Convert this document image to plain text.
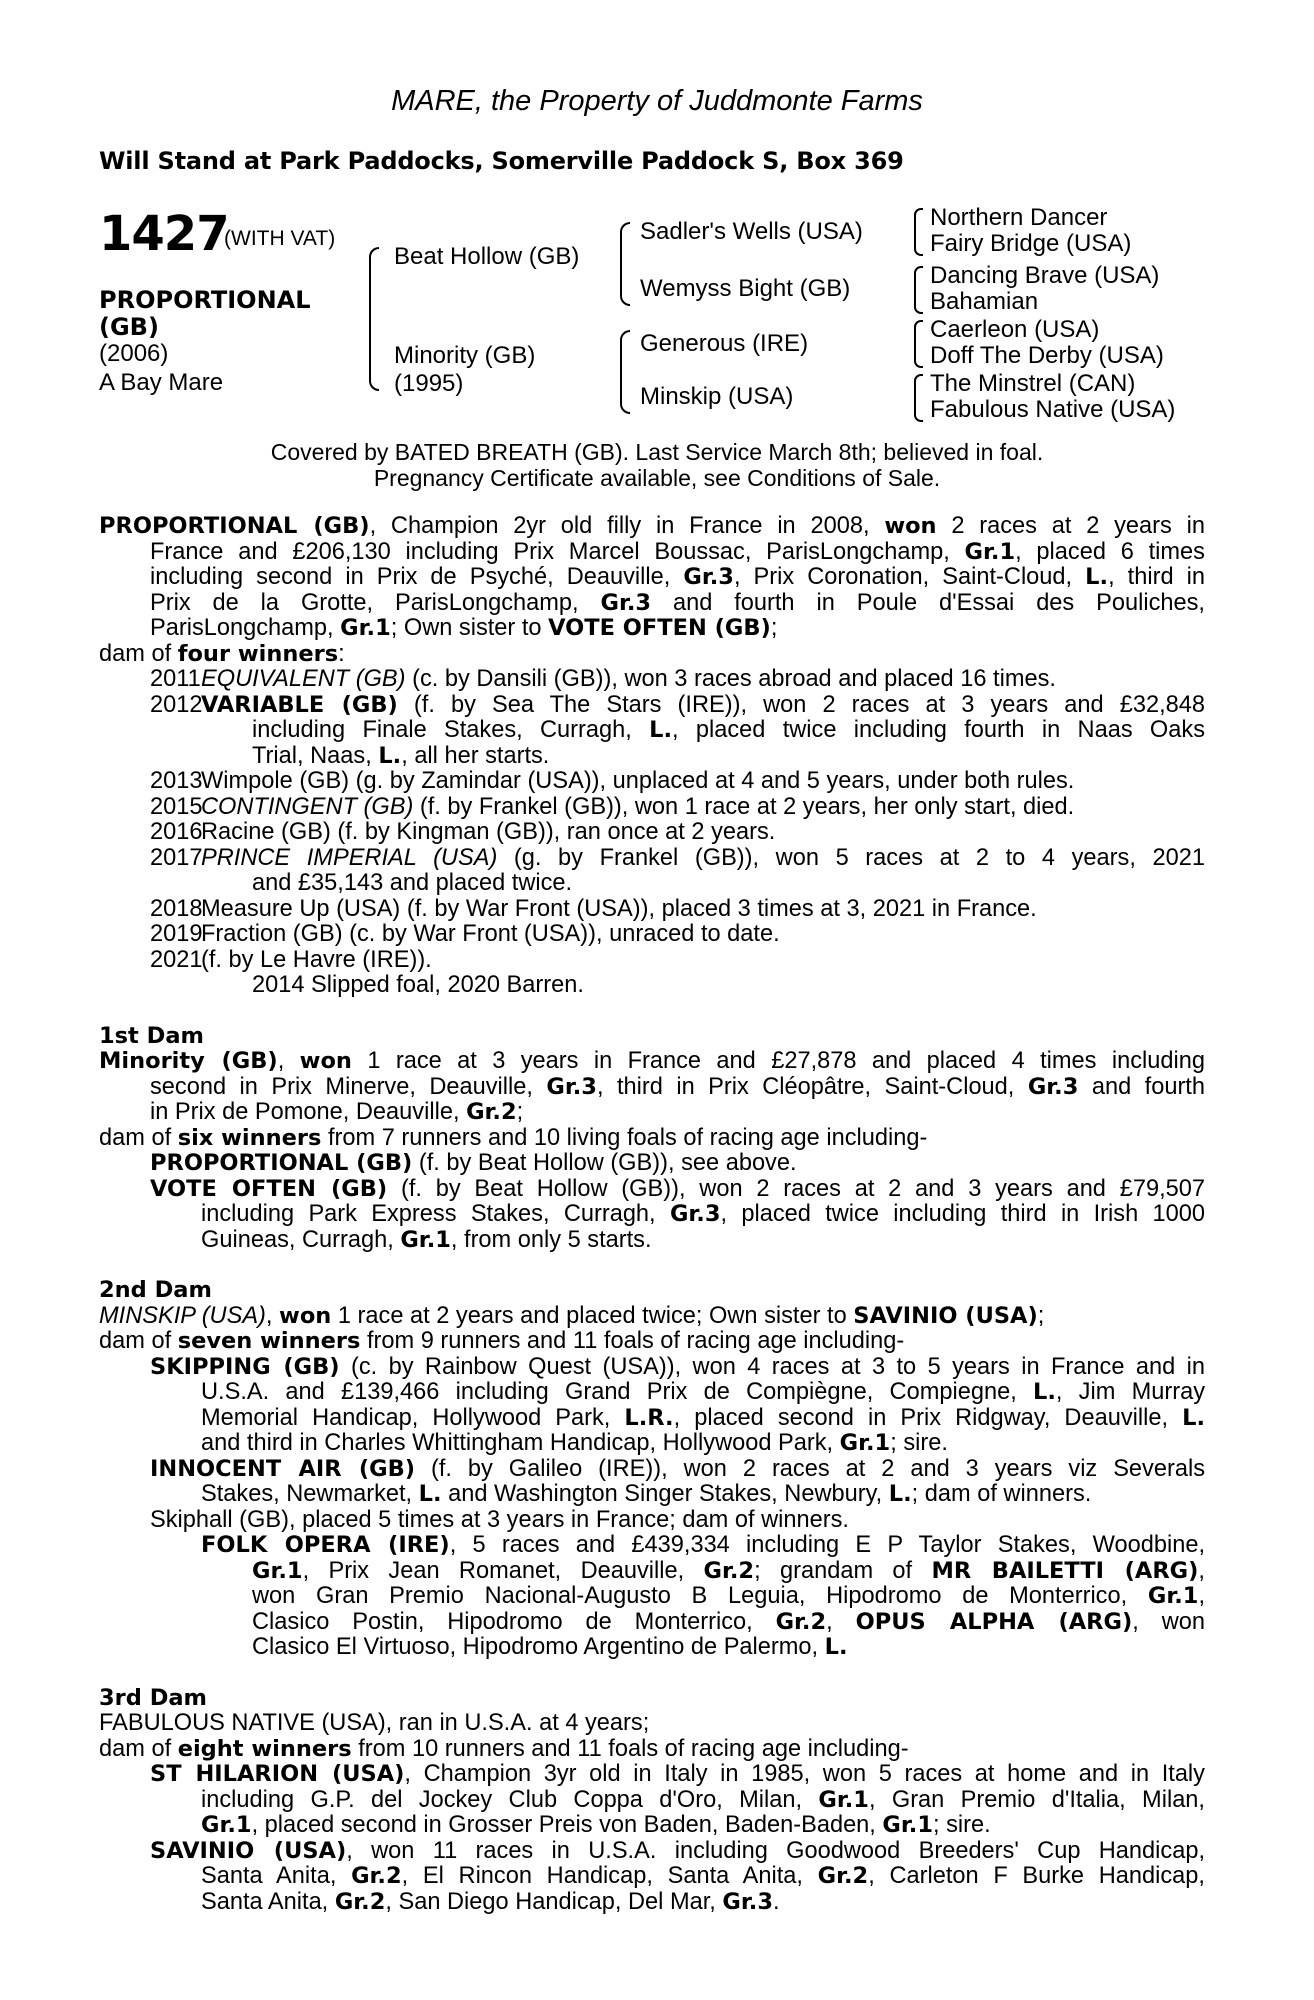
MARE, the Property of Juddmonte Farms
Will Stand at Park Paddocks, Somerville Paddock S, Box 369
1427
(WITH VAT)
PROPORTIONAL
(GB)
(2006)
A Bay Mare
Beat Hollow (GB)
Minority (GB)
(1995)
Sadler's Wells (USA)
Wemyss Bight (GB)
Generous (IRE)
Minskip (USA)
Northern Dancer
Fairy Bridge (USA)
Dancing Brave (USA)
Bahamian
Caerleon (USA)
Doff The Derby (USA)
The Minstrel (CAN)
Fabulous Native (USA)
Covered by BATED BREATH (GB). Last Service March 8th; believed in foal.
Pregnancy Certificate available, see Conditions of Sale.
PROPORTIONAL (GB), Champion 2yr old filly in France in 2008, won 2 races at 2 years in
France and £206,130 including Prix Marcel Boussac, ParisLongchamp, Gr.1, placed 6 times
including second in Prix de Psyché, Deauville, Gr.3, Prix Coronation, Saint-Cloud, L., third in
Prix de la Grotte, ParisLongchamp, Gr.3 and fourth in Poule d'Essai des Pouliches,
ParisLongchamp, Gr.1; Own sister to VOTE OFTEN (GB);
dam of four winners:
2011EQUIVALENT (GB) (c. by Dansili (GB)), won 3 races abroad and placed 16 times.
2012VARIABLE (GB) (f. by Sea The Stars (IRE)), won 2 races at 3 years and £32,848
including Finale Stakes, Curragh, L., placed twice including fourth in Naas Oaks
Trial, Naas, L., all her starts.
2013Wimpole (GB) (g. by Zamindar (USA)), unplaced at 4 and 5 years, under both rules.
2015CONTINGENT (GB) (f. by Frankel (GB)), won 1 race at 2 years, her only start, died.
2016Racine (GB) (f. by Kingman (GB)), ran once at 2 years.
2017PRINCE IMPERIAL (USA) (g. by Frankel (GB)), won 5 races at 2 to 4 years, 2021
and £35,143 and placed twice.
2018Measure Up (USA) (f. by War Front (USA)), placed 3 times at 3, 2021 in France.
2019Fraction (GB) (c. by War Front (USA)), unraced to date.
2021(f. by Le Havre (IRE)).
2014 Slipped foal, 2020 Barren.
1st Dam
Minority (GB), won 1 race at 3 years in France and £27,878 and placed 4 times including
second in Prix Minerve, Deauville, Gr.3, third in Prix Cléopâtre, Saint-Cloud, Gr.3 and fourth
in Prix de Pomone, Deauville, Gr.2;
dam of six winners from 7 runners and 10 living foals of racing age including-
PROPORTIONAL (GB) (f. by Beat Hollow (GB)), see above.
VOTE OFTEN (GB) (f. by Beat Hollow (GB)), won 2 races at 2 and 3 years and £79,507
including Park Express Stakes, Curragh, Gr.3, placed twice including third in Irish 1000
Guineas, Curragh, Gr.1, from only 5 starts.
2nd Dam
MINSKIP (USA), won 1 race at 2 years and placed twice; Own sister to SAVINIO (USA);
dam of seven winners from 9 runners and 11 foals of racing age including-
SKIPPING (GB) (c. by Rainbow Quest (USA)), won 4 races at 3 to 5 years in France and in
U.S.A. and £139,466 including Grand Prix de Compiègne, Compiegne, L., Jim Murray
Memorial Handicap, Hollywood Park, L.R., placed second in Prix Ridgway, Deauville, L.
and third in Charles Whittingham Handicap, Hollywood Park, Gr.1; sire.
INNOCENT AIR (GB) (f. by Galileo (IRE)), won 2 races at 2 and 3 years viz Severals
Stakes, Newmarket, L. and Washington Singer Stakes, Newbury, L.; dam of winners.
Skiphall (GB), placed 5 times at 3 years in France; dam of winners.
FOLK OPERA (IRE), 5 races and £439,334 including E P Taylor Stakes, Woodbine,
Gr.1, Prix Jean Romanet, Deauville, Gr.2; grandam of MR BAILETTI (ARG),
won Gran Premio Nacional-Augusto B Leguia, Hipodromo de Monterrico, Gr.1,
Clasico Postin, Hipodromo de Monterrico, Gr.2, OPUS ALPHA (ARG), won
Clasico El Virtuoso, Hipodromo Argentino de Palermo, L.
3rd Dam
FABULOUS NATIVE (USA), ran in U.S.A. at 4 years;
dam of eight winners from 10 runners and 11 foals of racing age including-
ST HILARION (USA), Champion 3yr old in Italy in 1985, won 5 races at home and in Italy
including G.P. del Jockey Club Coppa d'Oro, Milan, Gr.1, Gran Premio d'Italia, Milan,
Gr.1, placed second in Grosser Preis von Baden, Baden-Baden, Gr.1; sire.
SAVINIO (USA), won 11 races in U.S.A. including Goodwood Breeders' Cup Handicap,
Santa Anita, Gr.2, El Rincon Handicap, Santa Anita, Gr.2, Carleton F Burke Handicap,
Santa Anita, Gr.2, San Diego Handicap, Del Mar, Gr.3.
